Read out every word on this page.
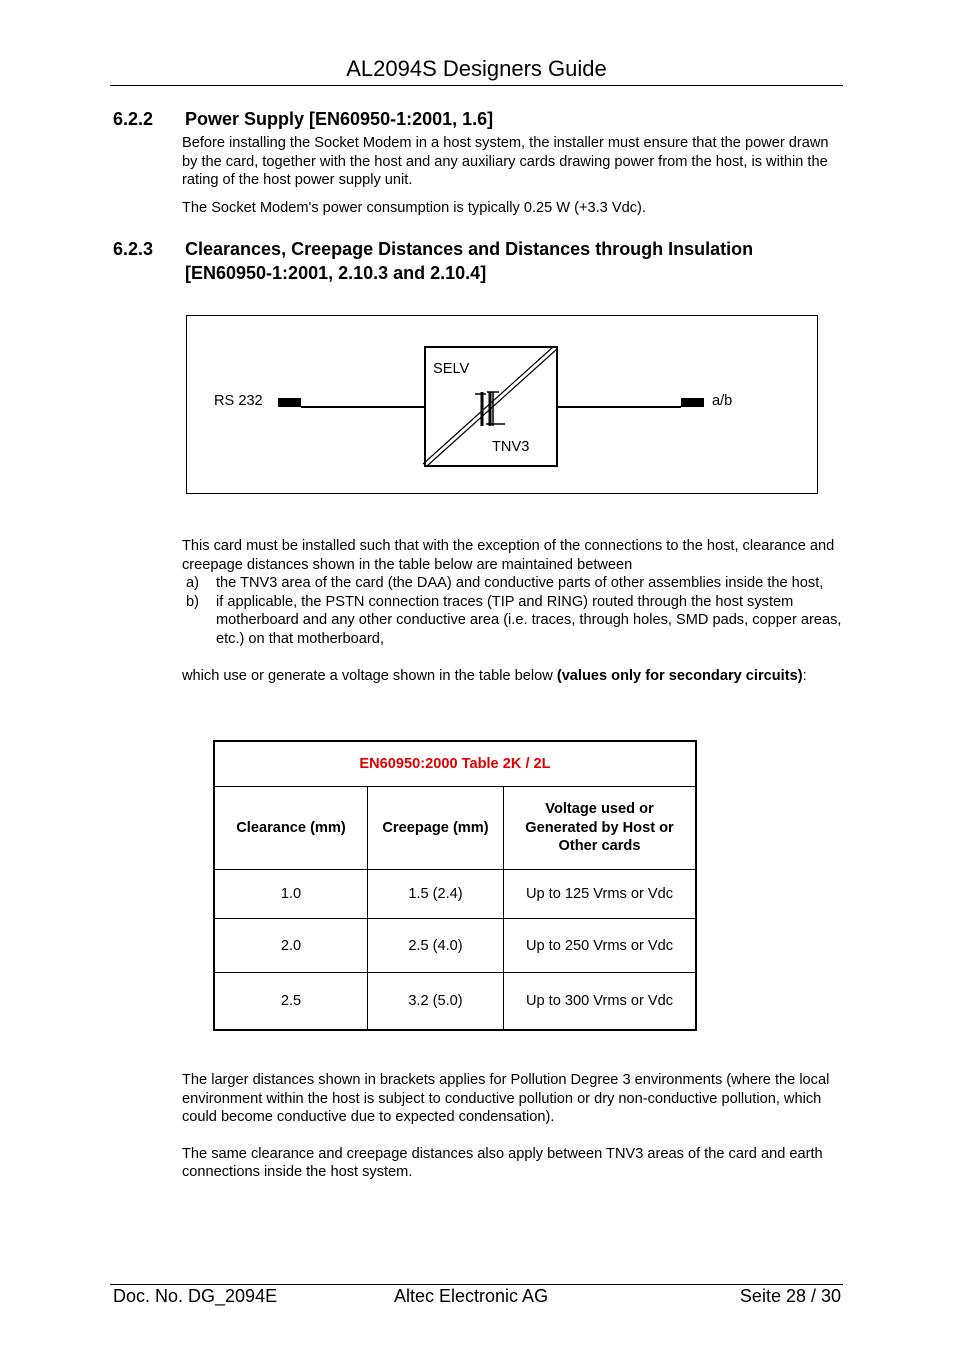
AL2094S Designers Guide
6.2.2 Power Supply [EN60950-1:2001, 1.6]

Before installing the Socket Modem in a host system, the installer must ensure that the power drawn by the card, together with the host and any auxiliary cards drawing power from the host, is within the rating of the host power supply unit.

The Socket Modem's power consumption is typically 0.25 W (+3.3 Vdc).

6.2.3 Clearances, Creepage Distances and Distances through Insulation [EN60950-1:2001, 2.10.3 and 2.10.4]
RS 232	a/b
SELV
TNV3

This card must be installed such that with the exception of the connections to the host, clearance and creepage distances shown in the table below are maintained between

a) the TNV3 area of the card (the DAA) and conductive parts of other assemblies inside the host,
b) if applicable, the PSTN connection traces (TIP and RING) routed through the host system motherboard and any other conductive area (i.e. traces, through holes, SMD pads, copper areas, etc.) on that motherboard,

which use or generate a voltage shown in the table below (values only for secondary circuits):

EN60950:2000 Table 2K / 2L		
Clearance (mm)	Creepage (mm)	Voltage used or Generated by Host or Other cards
1.0	1.5 (2.4)	Up to 125 Vrms or Vdc
2.0	2.5 (4.0)	Up to 250 Vrms or Vdc
2.5	3.2 (5.0)	Up to 300 Vrms or Vdc

The larger distances shown in brackets applies for Pollution Degree 3 environments (where the local environment within the host is subject to conductive pollution or dry non-conductive pollution, which could become conductive due to expected condensation).

The same clearance and creepage distances also apply between TNV3 areas of the card and earth connections inside the host system.

Doc. No. DG_2094E	Altec Electronic AG	Seite 28 / 30
